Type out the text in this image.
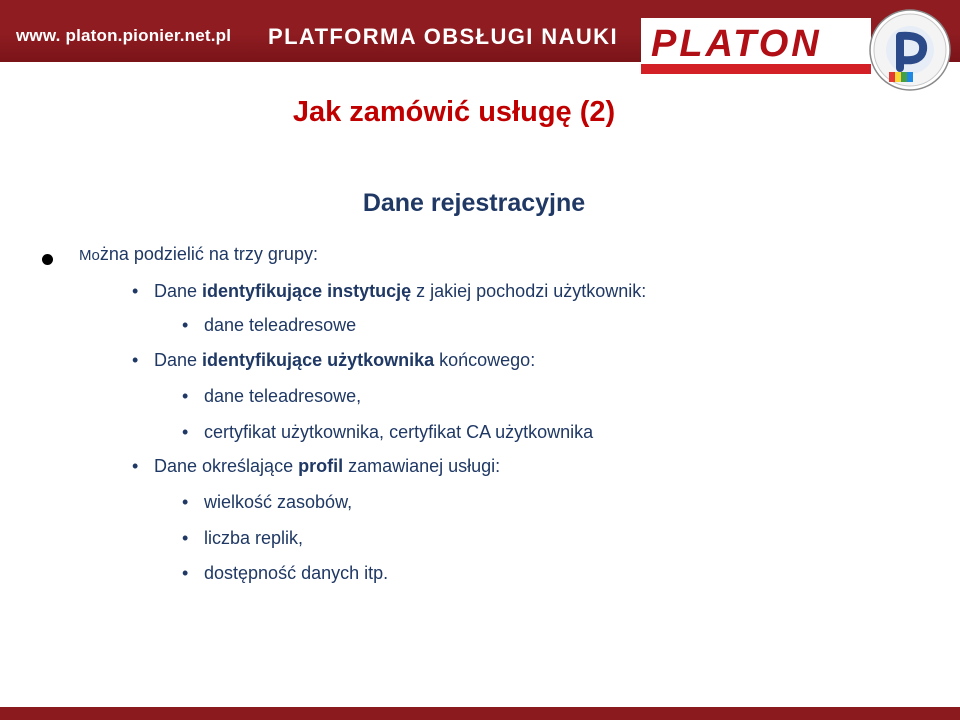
www. platon.pionier.net.pl PLATFORMA OBSŁUGI NAUKI PLATON
Jak zamówić usługę (2)
Dane rejestracyjne
Można podzielić na trzy grupy:
• Dane identyfikujące instytucję z jakiej pochodzi użytkownik:
• dane teleadresowe
• Dane identyfikujące użytkownika końcowego:
• dane teleadresowe,
• certyfikat użytkownika, certyfikat CA użytkownika
• Dane określające profil zamawianej usługi:
• wielkość zasobów,
• liczba replik,
• dostępność danych itp.
